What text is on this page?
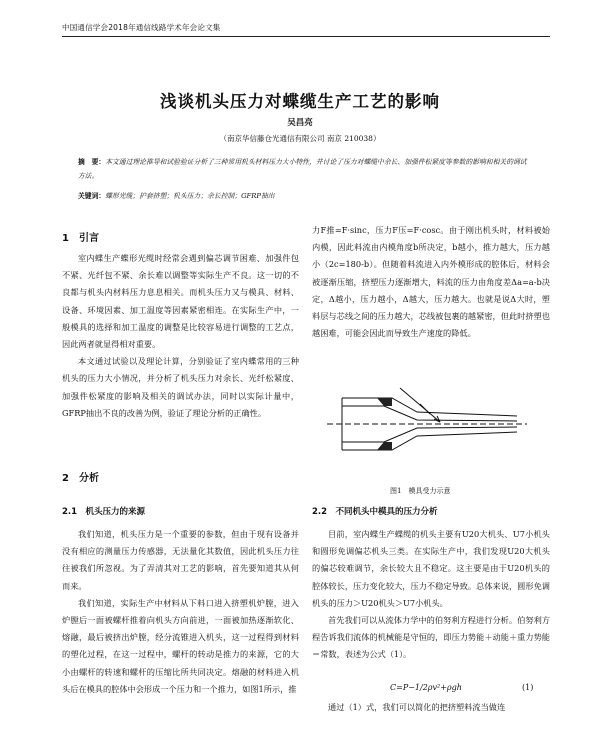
中国通信学会2018年通信线路学术年会论文集
浅谈机头压力对蝶缆生产工艺的影响
吴昌亮
（南京华信藤仓光通信有限公司 南京 210038）
摘　要：本文通过理论推导和试验验证分析了三种常用机头材料压力大小特性，并讨论了压力对蝶缆中余长、加强件松紧度等参数的影响和相关的调试方法。
关键词：蝶形光缆；护套挤塑；机头压力；余长控制；GFRP抽出
1　引言

室内蝶生产蝶形光缆时经常会遇到偏芯调节困难、加强件包不紧、光纤包不紧、余长难以调整等实际生产不良。这一切的不良都与机头内材料压力息息相关。而机头压力又与模具、材料、设备、环境因素、加工温度等因素紧密相连。在实际生产中，一般模具的选择和加工温度的调整是比较容易进行调整的工艺点，因此两者就显得相对重要。

本文通过试验以及理论计算，分别验证了室内蝶常用的三种机头的压力大小情况，并分析了机头压力对余长、光纤松紧度、加强件松紧度的影响及相关的调试办法，同时以实际计量中，GFRP抽出不良的改善为例，验证了理论分析的正确性。

2　分析
2.1　机头压力的来源

我们知道，机头压力是一个重要的参数，但由于现有设备并没有相应的测量压力传感器，无法量化其数值，因此机头压力往往被我们所忽视。为了弄清其对工艺的影响，首先要知道其从何而来。

我们知道，实际生产中材料从下料口进入挤塑机炉膛，进入炉膛后一面被螺杆推着向机头方向前进，一面被加热逐渐软化、熔融，最后被挤出炉膛，经分流锥进入机头，这一过程得到材料的塑化过程，在这一过程中，螺杆的转动是推力的来源，它的大小由螺杆的转速和螺杆的压缩比所共同决定。熔融的材料进入机头后在模具的腔体中会形成一个压力和一个推力，如图1所示，推

力F推=F·sinc，压力F压=F·cosc。由于刚出机头时，材料被始内模，因此料流由内模角度b所决定，b越小，推力越大，压力越小（2c=180-b）。但随着料流进入内外模形成的腔体后，材料会被逐渐压缩，挤塑压力逐渐增大，料流的压力由角度差Δa=a-b决定，Δ越小，压力越小，Δ越大，压力越大。也就是说Δ大时，塑料层与芯线之间的压力越大，芯线被包裹的越紧密，但此时挤塑也越困难，可能会因此而导致生产速度的降低。

图1　模具受力示意
2.2　不同机头中模具的压力分析

目前，室内蝶生产蝶缆的机头主要有U20大机头、U7小机头和圆形免调偏芯机头三类。在实际生产中，我们发现U20大机头的偏芯较难调节，余长较大且不稳定。这主要是由于U20机头的腔体较长，压力变化较大，压力不稳定导致。总体来说，圆形免调机头的压力＞U20机头＞U7小机头。

首先我们可以从流体力学中的伯努利方程进行分析。伯努利方程告诉我们流体的机械能是守恒的，即压力势能＋动能＋重力势能＝常数，表述为公式（1）。

C=P−1/2ρv²+ρgh	(1)

通过（1）式，我们可以简化的把挤塑料流当做连
